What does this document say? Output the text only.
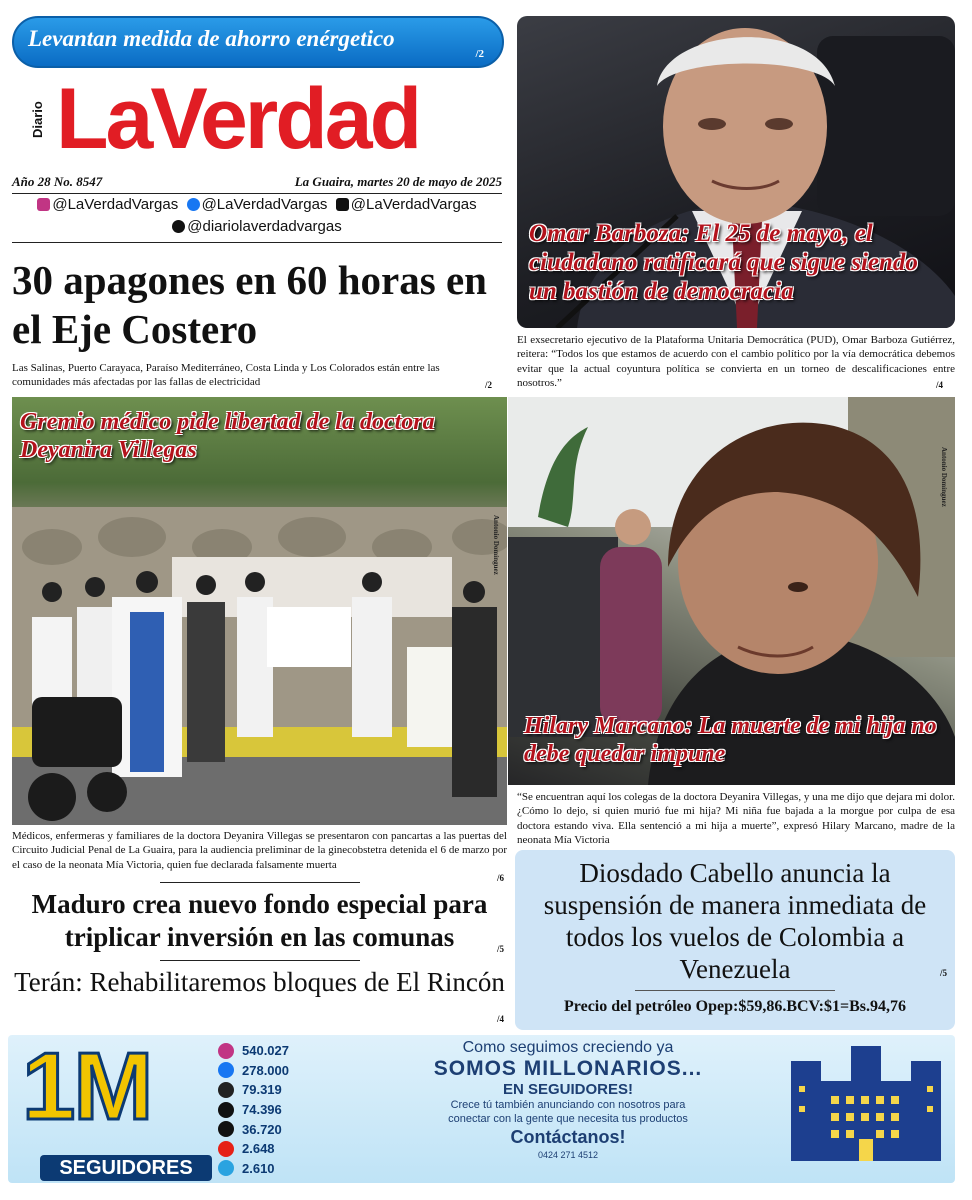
Levantan medida de ahorro enérgetico
/2
Diario LaVerdad
Año 28 No. 8547	La Guaira, martes 20 de mayo de 2025
@LaVerdadVargas @LaVerdadVargas @LaVerdadVargas
@diariolaverdadvargas
30 apagones en 60 horas en el Eje Costero
Las Salinas, Puerto Carayaca, Paraíso Mediterráneo, Costa Linda y Los Colorados están entre las comunidades más afectadas por las fallas de electricidad	/2
Omar Barboza: El 25 de mayo, el ciudadano ratificará que sigue siendo un bastión de democracia
El exsecretario ejecutivo de la Plataforma Unitaria Democrática (PUD), Omar Barboza Gutiérrez, reitera: “Todos los que estamos de acuerdo con el cambio político por la vía democrática debemos evitar que la actual coyuntura política se convierta en un torneo de descalificaciones entre nosotros.”	/4
Gremio médico pide libertad de la doctora Deyanira Villegas
Antonio Domínguez
Médicos, enfermeras y familiares de la doctora Deyanira Villegas se presentaron con pancartas a las puertas del Circuito Judicial Penal de La Guaira, para la audiencia preliminar de la ginecobstetra detenida el 6 de marzo por el caso de la neonata Mía Victoria, quien fue declarada falsamente muerta
/6
Antonio Domínguez
Hilary Marcano: La muerte de mi hija no debe quedar impune
“Se encuentran aquí los colegas de la doctora Deyanira Villegas, y una me dijo que dejara mi dolor. ¿Cómo lo dejo, si quien murió fue mi hija? Mi niña fue bajada a la morgue por culpa de esa doctora estando viva. Ella sentenció a mi hija a muerte”, expresó Hilary Marcano, madre de la neonata Mía Victoria
Maduro crea nuevo fondo especial para triplicar inversión en las comunas	/5
Terán: Rehabilitaremos bloques de El Rincón
/4
Diosdado Cabello anuncia la suspensión de manera inmediata de todos los vuelos de Colombia a Venezuela	/5
Precio del petróleo Opep:$59,86.BCV:$1=Bs.94,76
1M
SEGUIDORES
540.027
278.000
79.319
74.396
36.720
2.648
2.610
Como seguimos creciendo ya
SOMOS MILLONARIOS...
EN SEGUIDORES!
Crece tú también anunciando con nosotros para conectar con la gente que necesita tus productos
Contáctanos!
0424 271 4512
